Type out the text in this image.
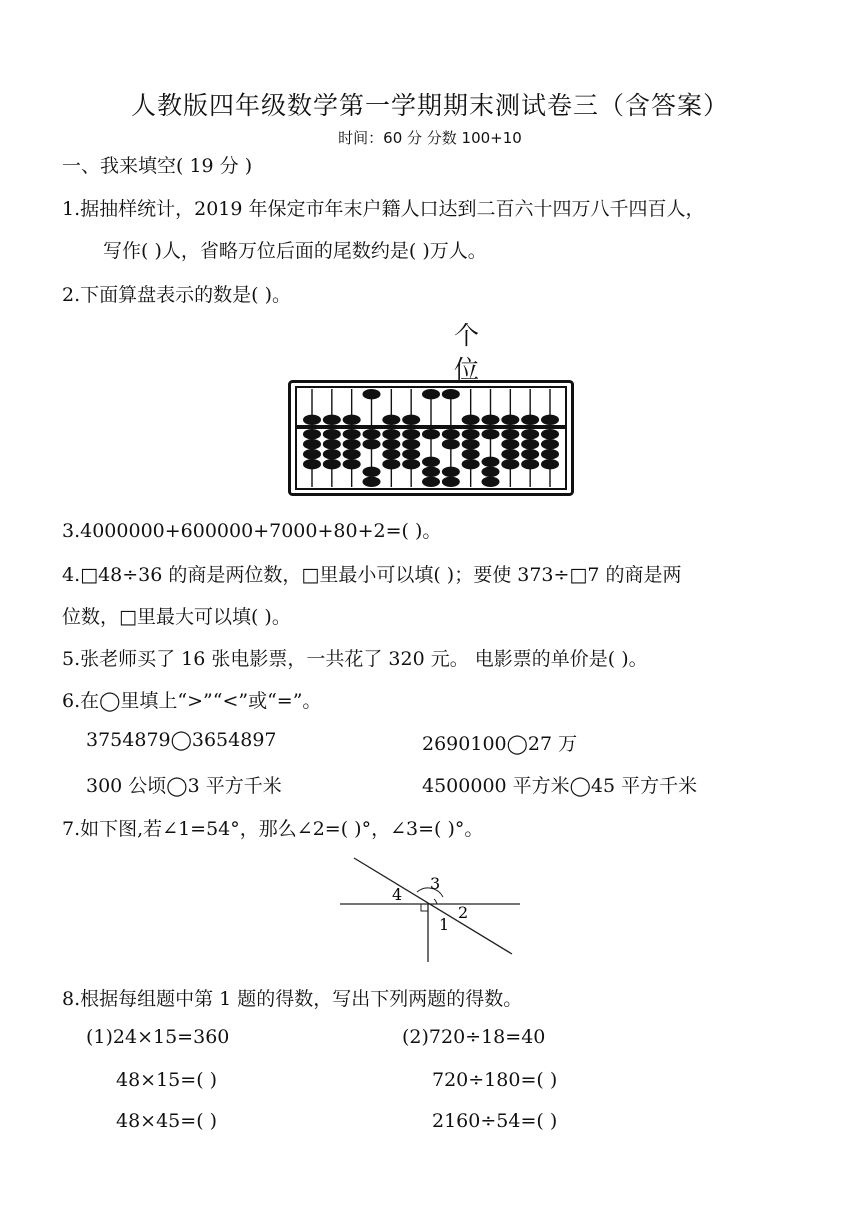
人教版四年级数学第一学期期末测试卷三（含答案）
时间：60 分 分数 100+10
一、我来填空( 19 分 )
1.据抽样统计，2019 年保定市年末户籍人口达到二百六十四万八千四百人，
写作( )人，省略万位后面的尾数约是( )万人。
2.下面算盘表示的数是( )。
个
位
3.4000000+600000+7000+80+2=( )。
4.□48÷36 的商是两位数，□里最小可以填( )；要使 373÷□7 的商是两
位数，□里最大可以填( )。
5.张老师买了 16 张电影票，一共花了 320 元。 电影票的单价是( )。
6.在◯里填上“>”“<”或“=”。
3754879◯3654897	2690100◯27 万
300 公顷◯3 平方千米	4500000 平方米◯45 平方千米
7.如下图,若∠1=54°，那么∠2=( )°，∠3=( )°。
1
2
3
4
8.根据每组题中第 1 题的得数，写出下列两题的得数。
(1)24×15=360
48×15=( )
48×45=( )
(2)720÷18=40
720÷180=( )
2160÷54=( )
